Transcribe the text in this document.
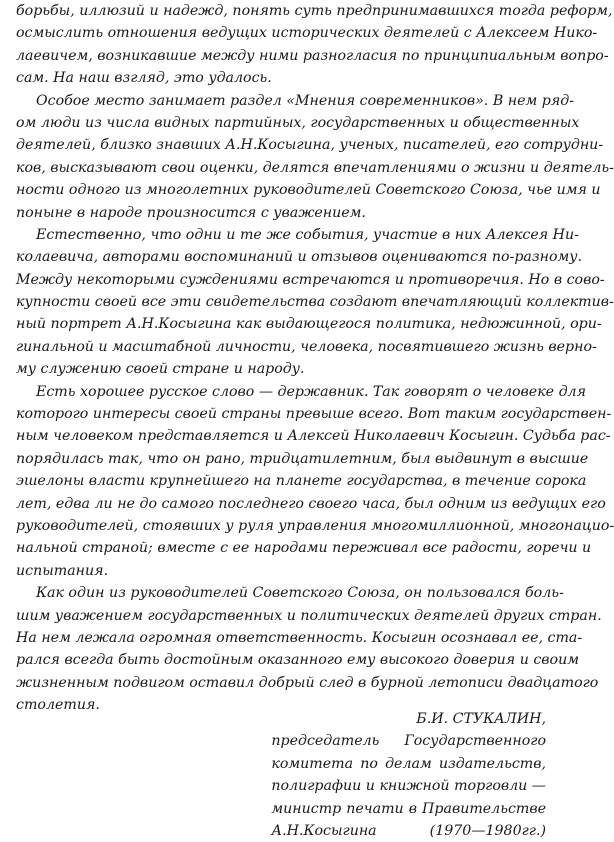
борьбы, иллюзий и надежд, понять суть предпринимавшихся тогда реформ,
осмыслить отношения ведущих исторических деятелей с Алексеем Нико-
лаевичем, возникавшие между ними разногласия по принципиальным вопро-
сам. На наш взгляд, это удалось.
Особое место занимает раздел «Мнения современников». В нем ряд-
ом люди из числа видных партийных, государственных и общественных
деятелей, близко знавших А.Н.Косыгина, ученых, писателей, его сотрудни-
ков, высказывают свои оценки, делятся впечатлениями о жизни и деятель-
ности одного из многолетних руководителей Советского Союза, чье имя и
поныне в народе произносится с уважением.
Естественно, что одни и те же события, участие в них Алексея Ни-
колаевича, авторами воспоминаний и отзывов оцениваются по-разному.
Между некоторыми суждениями встречаются и противоречия. Но в сово-
купности своей все эти свидетельства создают впечатляющий коллектив-
ный портрет А.Н.Косыгина как выдающегося политика, недюжинной, ори-
гинальной и масштабной личности, человека, посвятившего жизнь верно-
му служению своей стране и народу.
Есть хорошее русское слово — державник. Так говорят о человеке для
которого интересы своей страны превыше всего. Вот таким государствен-
ным человеком представляется и Алексей Николаевич Косыгин. Судьба рас-
порядилась так, что он рано, тридцатилетним, был выдвинут в высшие
эшелоны власти крупнейшего на планете государства, в течение сорока
лет, едва ли не до самого последнего своего часа, был одним из ведущих его
руководителей, стоявших у руля управления многомиллионной, многонацио-
нальной страной; вместе с ее народами переживал все радости, горечи и
испытания.
Как один из руководителей Советского Союза, он пользовался боль-
шим уважением государственных и политических деятелей других стран.
На нем лежала огромная ответственность. Косыгин осознавал ее, ста-
рался всегда быть достойным оказанного ему высокого доверия и своим
жизненным подвигом оставил добрый след в бурной летописи двадцатого
столетия.
Б.И. СТУКАЛИН,
председатель Государственного
комитета по делам издательств,
полиграфии и книжной торговли —
министр печати в Правительстве
А.Н.Косыгина (1970—1980гг.)
